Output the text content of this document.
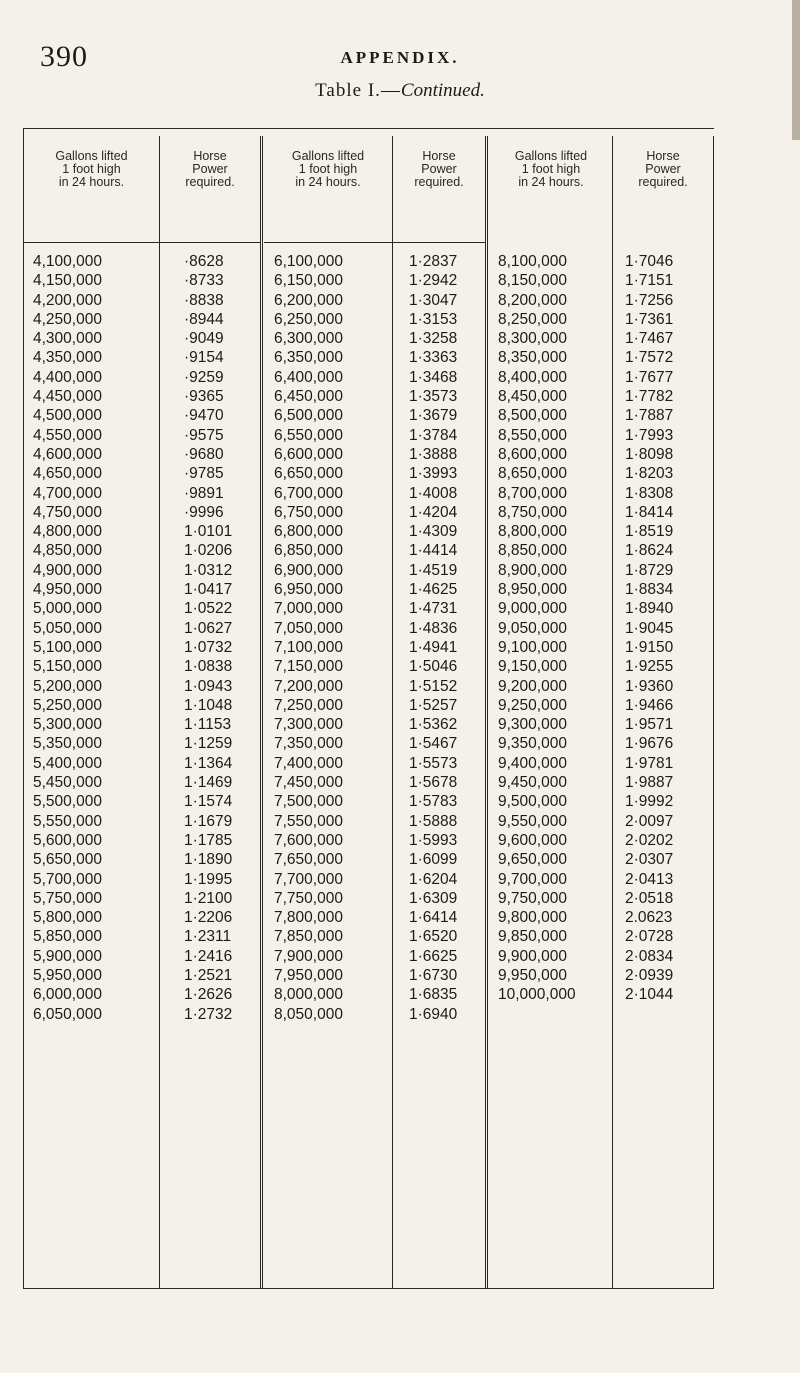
390	APPENDIX.
Table I.—Continued.
Gallons lifted
1 foot high
in 24 hours.
Horse
Power
required.
Gallons lifted
1 foot high
in 24 hours.
Horse
Power
required.
Gallons lifted
1 foot high
in 24 hours.
Horse
Power
required.
4,100,000
4,150,000
4,200,000
4,250,000
4,300,000
4,350,000
4,400,000
4,450,000
4,500,000
4,550,000
4,600,000
4,650,000
4,700,000
4,750,000
4,800,000
4,850,000
4,900,000
4,950,000
5,000,000
5,050,000
5,100,000
5,150,000
5,200,000
5,250,000
5,300,000
5,350,000
5,400,000
5,450,000
5,500,000
5,550,000
5,600,000
5,650,000
5,700,000
5,750,000
5,800,000
5,850,000
5,900,000
5,950,000
6,000,000
6,050,000
·8628
·8733
·8838
·8944
·9049
·9154
·9259
·9365
·9470
·9575
·9680
·9785
·9891
·9996
1·0101
1·0206
1·0312
1·0417
1·0522
1·0627
1·0732
1·0838
1·0943
1·1048
1·1153
1·1259
1·1364
1·1469
1·1574
1·1679
1·1785
1·1890
1·1995
1·2100
1·2206
1·2311
1·2416
1·2521
1·2626
1·2732
6,100,000
6,150,000
6,200,000
6,250,000
6,300,000
6,350,000
6,400,000
6,450,000
6,500,000
6,550,000
6,600,000
6,650,000
6,700,000
6,750,000
6,800,000
6,850,000
6,900,000
6,950,000
7,000,000
7,050,000
7,100,000
7,150,000
7,200,000
7,250,000
7,300,000
7,350,000
7,400,000
7,450,000
7,500,000
7,550,000
7,600,000
7,650,000
7,700,000
7,750,000
7,800,000
7,850,000
7,900,000
7,950,000
8,000,000
8,050,000
1·2837
1·2942
1·3047
1·3153
1·3258
1·3363
1·3468
1·3573
1·3679
1·3784
1·3888
1·3993
1·4008
1·4204
1·4309
1·4414
1·4519
1·4625
1·4731
1·4836
1·4941
1·5046
1·5152
1·5257
1·5362
1·5467
1·5573
1·5678
1·5783
1·5888
1·5993
1·6099
1·6204
1·6309
1·6414
1·6520
1·6625
1·6730
1·6835
1·6940
8,100,000
8,150,000
8,200,000
8,250,000
8,300,000
8,350,000
8,400,000
8,450,000
8,500,000
8,550,000
8,600,000
8,650,000
8,700,000
8,750,000
8,800,000
8,850,000
8,900,000
8,950,000
9,000,000
9,050,000
9,100,000
9,150,000
9,200,000
9,250,000
9,300,000
9,350,000
9,400,000
9,450,000
9,500,000
9,550,000
9,600,000
9,650,000
9,700,000
9,750,000
9,800,000
9,850,000
9,900,000
9,950,000
10,000,000
1·7046
1·7151
1·7256
1·7361
1·7467
1·7572
1·7677
1·7782
1·7887
1·7993
1·8098
1·8203
1·8308
1·8414
1·8519
1·8624
1·8729
1·8834
1·8940
1·9045
1·9150
1·9255
1·9360
1·9466
1·9571
1·9676
1·9781
1·9887
1·9992
2·0097
2·0202
2·0307
2·0413
2·0518
2.0623
2·0728
2·0834
2·0939
2·1044
